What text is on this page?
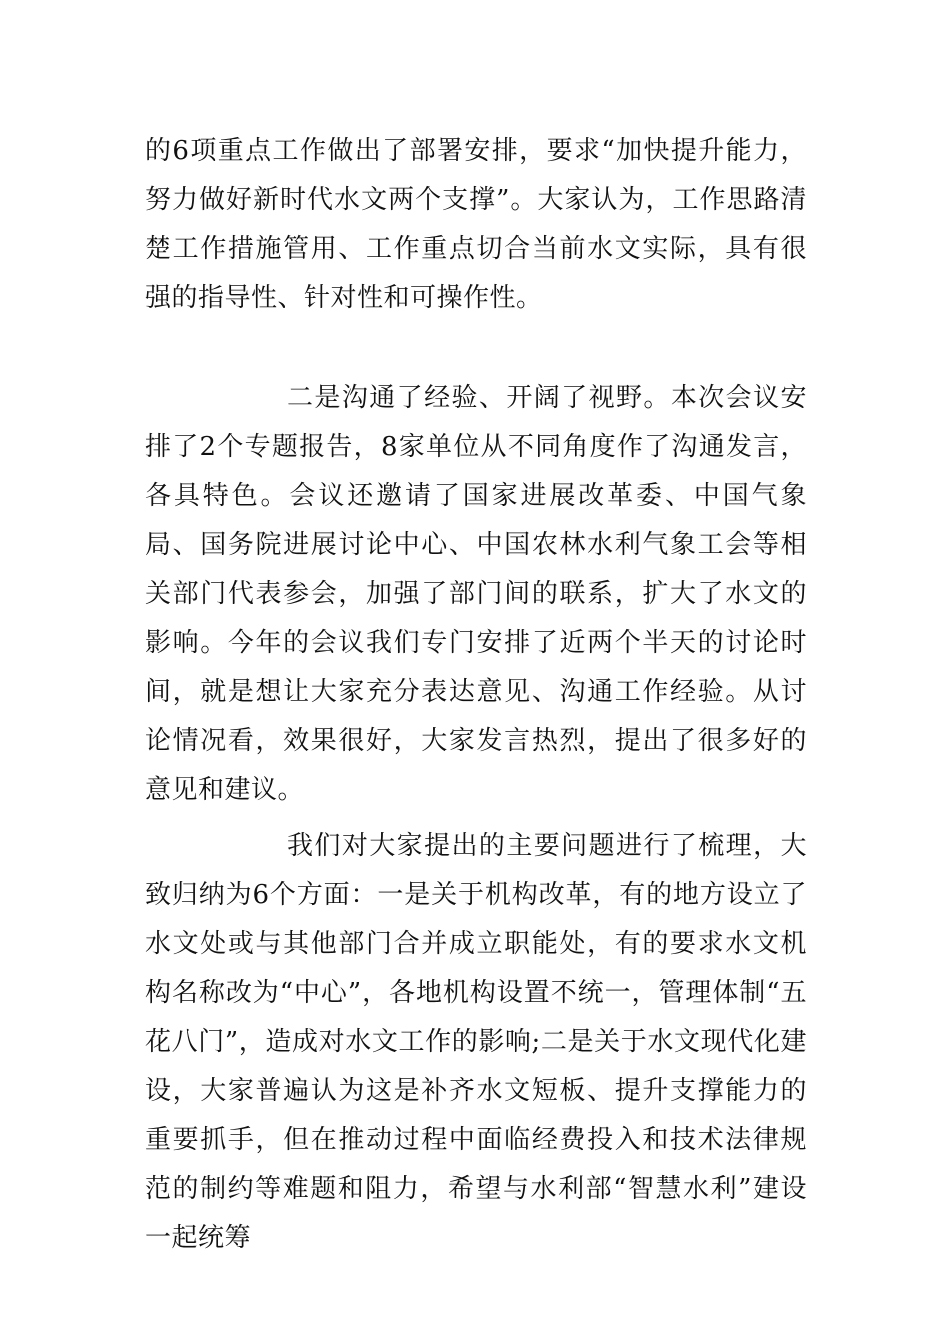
的6项重点工作做出了部署安排，要求“加快提升能力，努力做好新时代水文两个支撑”。大家认为，工作思路清楚工作措施管用、工作重点切合当前水文实际，具有很强的指导性、针对性和可操作性。

二是沟通了经验、开阔了视野。本次会议安排了2个专题报告，8家单位从不同角度作了沟通发言，各具特色。会议还邀请了国家进展改革委、中国气象局、国务院进展讨论中心、中国农林水利气象工会等相关部门代表参会，加强了部门间的联系，扩大了水文的影响。今年的会议我们专门安排了近两个半天的讨论时间，就是想让大家充分表达意见、沟通工作经验。从讨论情况看，效果很好，大家发言热烈，提出了很多好的意见和建议。

我们对大家提出的主要问题进行了梳理，大致归纳为6个方面：一是关于机构改革，有的地方设立了水文处或与其他部门合并成立职能处，有的要求水文机构名称改为“中心”，各地机构设置不统一，管理体制“五花八门”，造成对水文工作的影响;二是关于水文现代化建设，大家普遍认为这是补齐水文短板、提升支撑能力的重要抓手，但在推动过程中面临经费投入和技术法律规范的制约等难题和阻力，希望与水利部“智慧水利”建设一起统筹
